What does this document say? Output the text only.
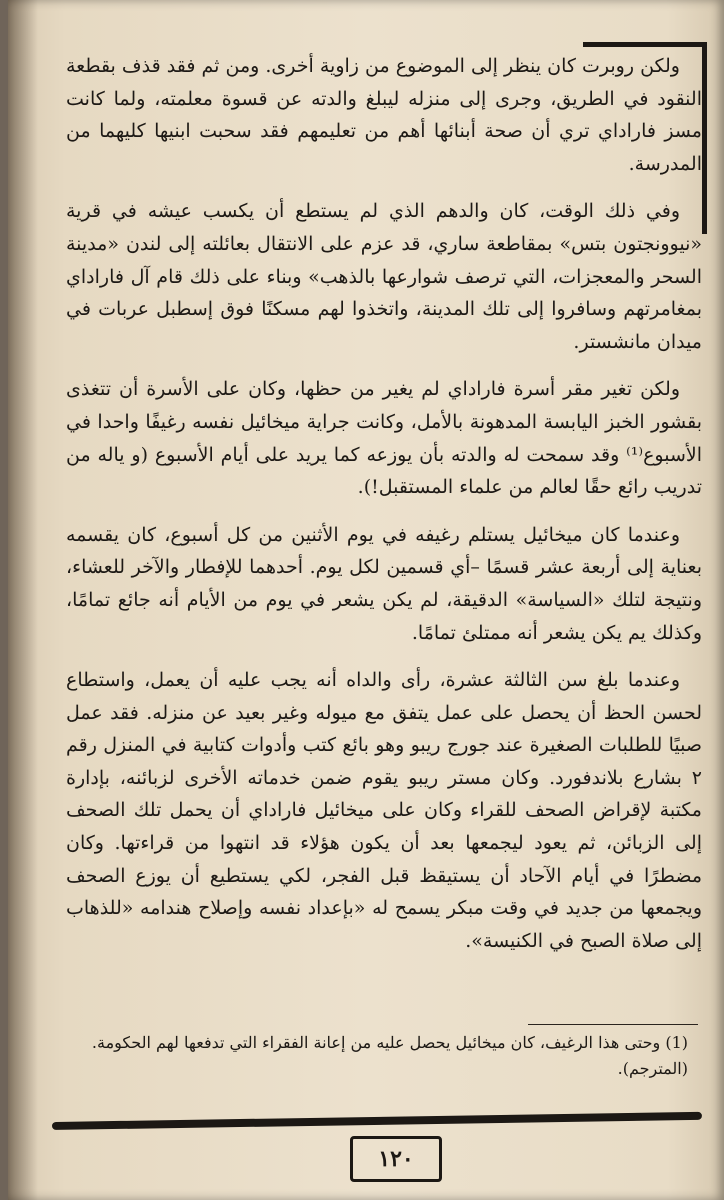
ولكن روبرت كان ينظر إلى الموضوع من زاوية أخرى. ومن ثم فقد قذف بقطعة النقود في الطريق، وجرى إلى منزله ليبلغ والدته عن قسوة معلمته، ولما كانت مسز فاراداي تري أن صحة أبنائها أهم من تعليمهم فقد سحبت ابنيها كليهما من المدرسة.

وفي ذلك الوقت، كان والدهم الذي لم يستطع أن يكسب عيشه في قرية «نيوونجتون بتس» بمقاطعة ساري، قد عزم على الانتقال بعائلته إلى لندن «مدينة السحر والمعجزات، التي ترصف شوارعها بالذهب» وبناء على ذلك قام آل فاراداي بمغامرتهم وسافروا إلى تلك المدينة، واتخذوا لهم مسكنًا فوق إسطبل عربات في ميدان مانشستر.

ولكن تغير مقر أسرة فاراداي لم يغير من حظها، وكان على الأسرة أن تتغذى بقشور الخبز اليابسة المدهونة بالأمل، وكانت جراية ميخائيل نفسه رغيفًا واحدا في الأسبوع⁽¹⁾ وقد سمحت له والدته بأن يوزعه كما يريد على أيام الأسبوع (و ياله من تدريب رائع حقًا لعالم من علماء المستقبل!).

وعندما كان ميخائيل يستلم رغيفه في يوم الأثنين من كل أسبوع، كان يقسمه بعناية إلى أربعة عشر قسمًا –أي قسمين لكل يوم. أحدهما للإفطار والآخر للعشاء، ونتيجة لتلك «السياسة» الدقيقة، لم يكن يشعر في يوم من الأيام أنه جائع تمامًا، وكذلك يم يكن يشعر أنه ممتلئ تمامًا.

وعندما بلغ سن الثالثة عشرة، رأى والداه أنه يجب عليه أن يعمل، واستطاع لحسن الحظ أن يحصل على عمل يتفق مع ميوله وغير بعيد عن منزله. فقد عمل صبيًا للطلبات الصغيرة عند جورج ريبو وهو بائع كتب وأدوات كتابية في المنزل رقم ٢ بشارع بلاندفورد. وكان مستر ريبو يقوم ضمن خدماته الأخرى لزبائنه، بإدارة مكتبة لإقراض الصحف للقراء وكان على ميخائيل فاراداي أن يحمل تلك الصحف إلى الزبائن، ثم يعود ليجمعها بعد أن يكون هؤلاء قد انتهوا من قراءتها. وكان مضطرًا في أيام الآحاد أن يستيقظ قبل الفجر، لكي يستطيع أن يوزع الصحف ويجمعها من جديد في وقت مبكر يسمح له «بإعداد نفسه وإصلاح هندامه «للذهاب إلى صلاة الصبح في الكنيسة».

(1) وحتى هذا الرغيف، كان ميخائيل يحصل عليه من إعانة الفقراء التي تدفعها لهم الحكومة.

(المترجم).

١٢٠
